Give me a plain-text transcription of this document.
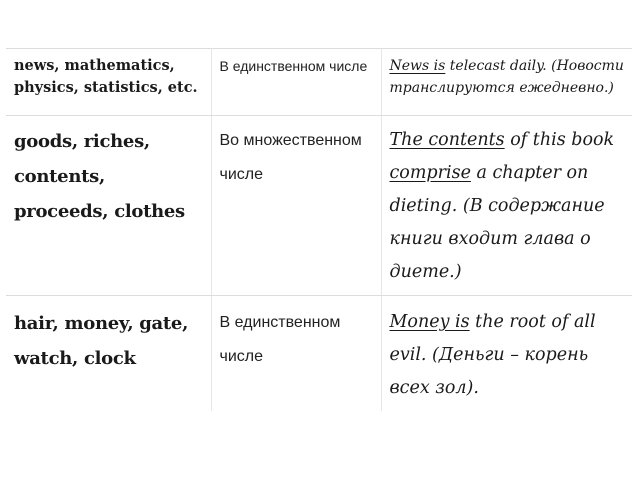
news, mathematics, physics, statistics, etc.	В единственном числе	News is telecast daily. (Новости транслируются ежедневно.)

goods, riches, contents, proceeds, clothes	Во множественном числе	The contents of this book comprise a chapter on dieting. (В содержание книги входит глава о диете.)

hair, money, gate, watch, clock	В единственном числе	Money is the root of all evil. (Деньги – корень всех зол).
